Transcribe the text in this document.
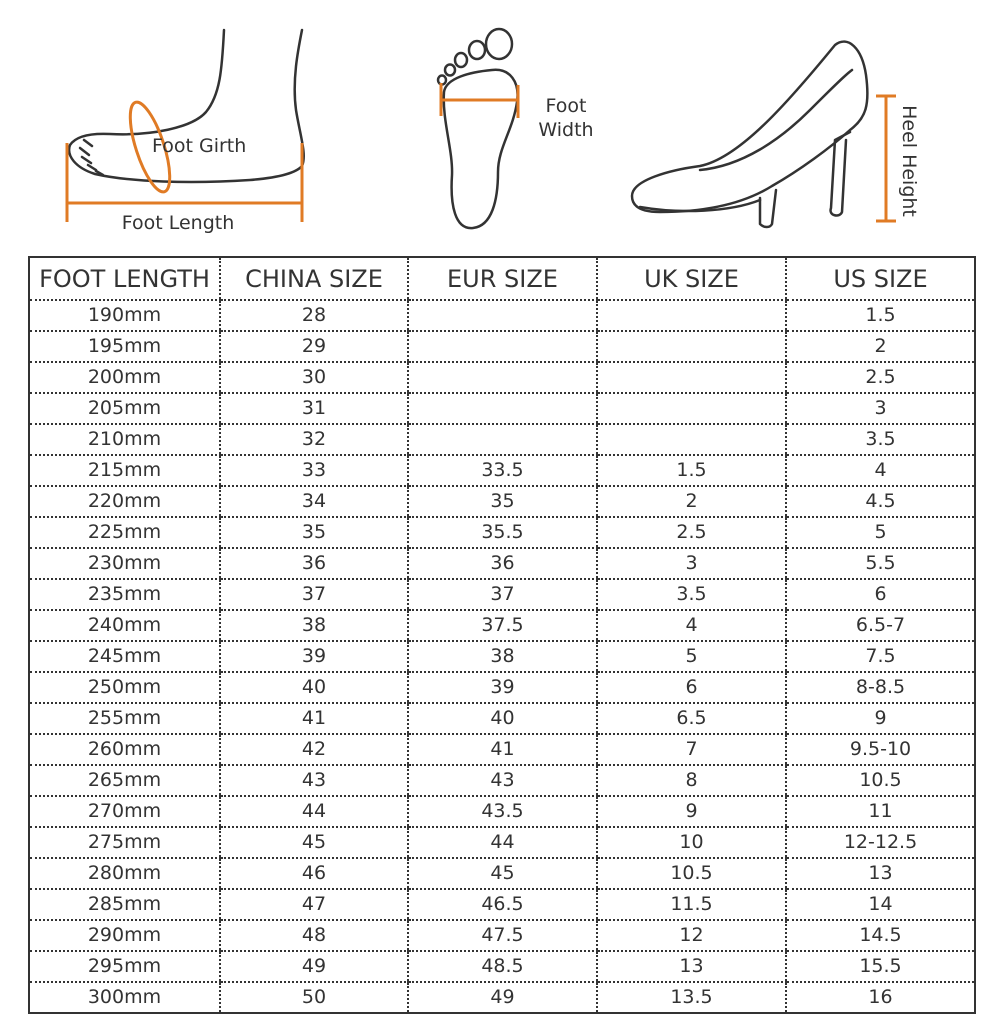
Foot Girth
Foot Length
Foot
Width	Heel Height
FOOT LENGTH	CHINA SIZE	EUR SIZE	UK SIZE	US SIZE
190mm	28			1.5
195mm	29			2
200mm	30			2.5
205mm	31			3
210mm	32			3.5
215mm	33	33.5	1.5	4
220mm	34	35	2	4.5
225mm	35	35.5	2.5	5
230mm	36	36	3	5.5
235mm	37	37	3.5	6
240mm	38	37.5	4	6.5-7
245mm	39	38	5	7.5
250mm	40	39	6	8-8.5
255mm	41	40	6.5	9
260mm	42	41	7	9.5-10
265mm	43	43	8	10.5
270mm	44	43.5	9	11
275mm	45	44	10	12-12.5
280mm	46	45	10.5	13
285mm	47	46.5	11.5	14
290mm	48	47.5	12	14.5
295mm	49	48.5	13	15.5
300mm	50	49	13.5	16
